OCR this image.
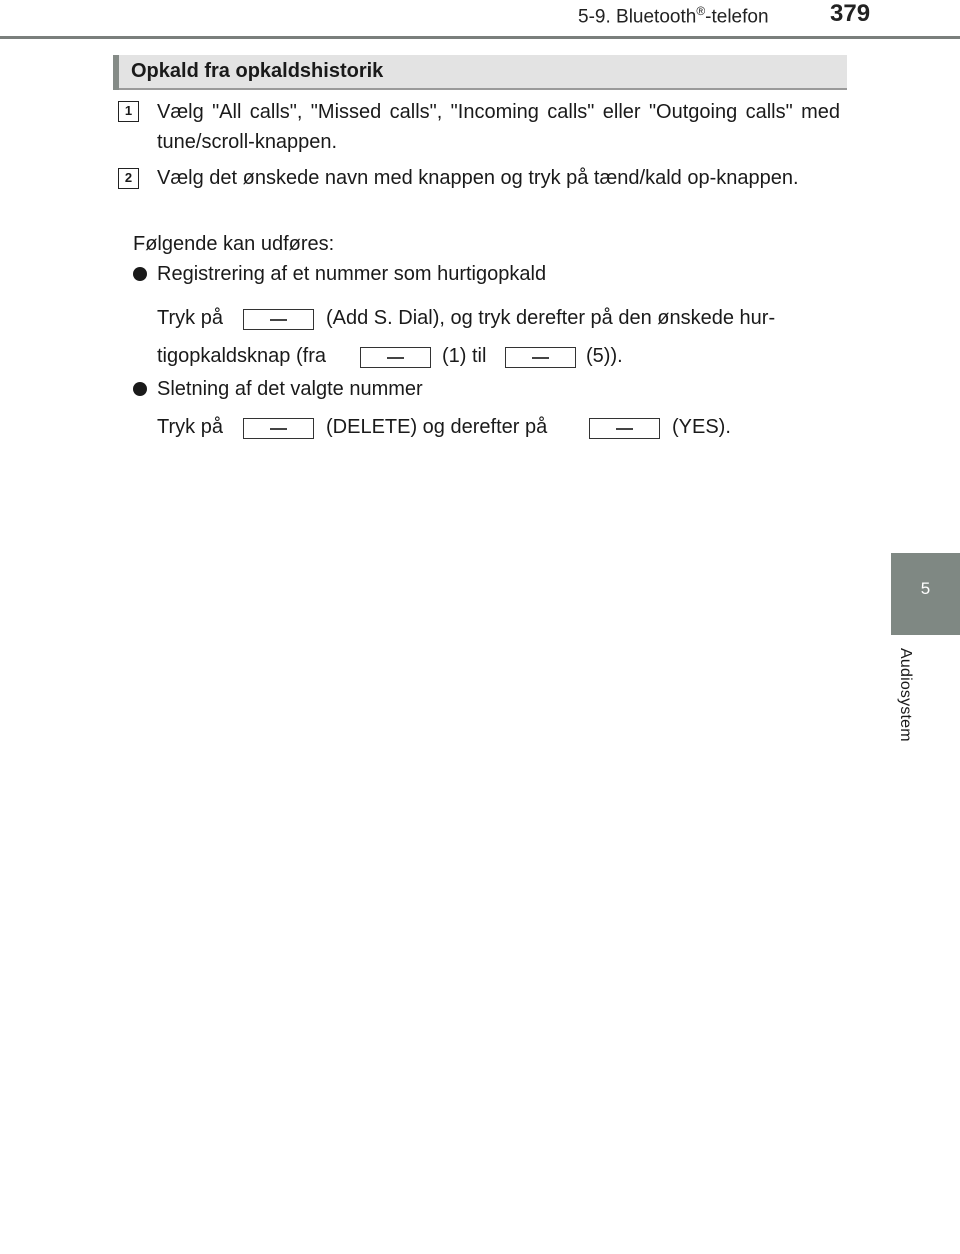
5-9. Bluetooth®-telefon	379
5
Audiosystem
Opkald fra opkaldshistorik
1	Vælg "All calls", "Missed calls", "Incoming calls" eller "Outgoing calls" med tune/scroll-knappen.
2	Vælg det ønskede navn med knappen og tryk på tænd/kald op-knappen.
Følgende kan udføres:
Registrering af et nummer som hurtigopkald
Tryk på	(Add S. Dial), og tryk derefter på den ønskede hur-
tigopkaldsknap (fra	(1) til	(5)).
Sletning af det valgte nummer
Tryk på	(DELETE) og derefter på	(YES).
